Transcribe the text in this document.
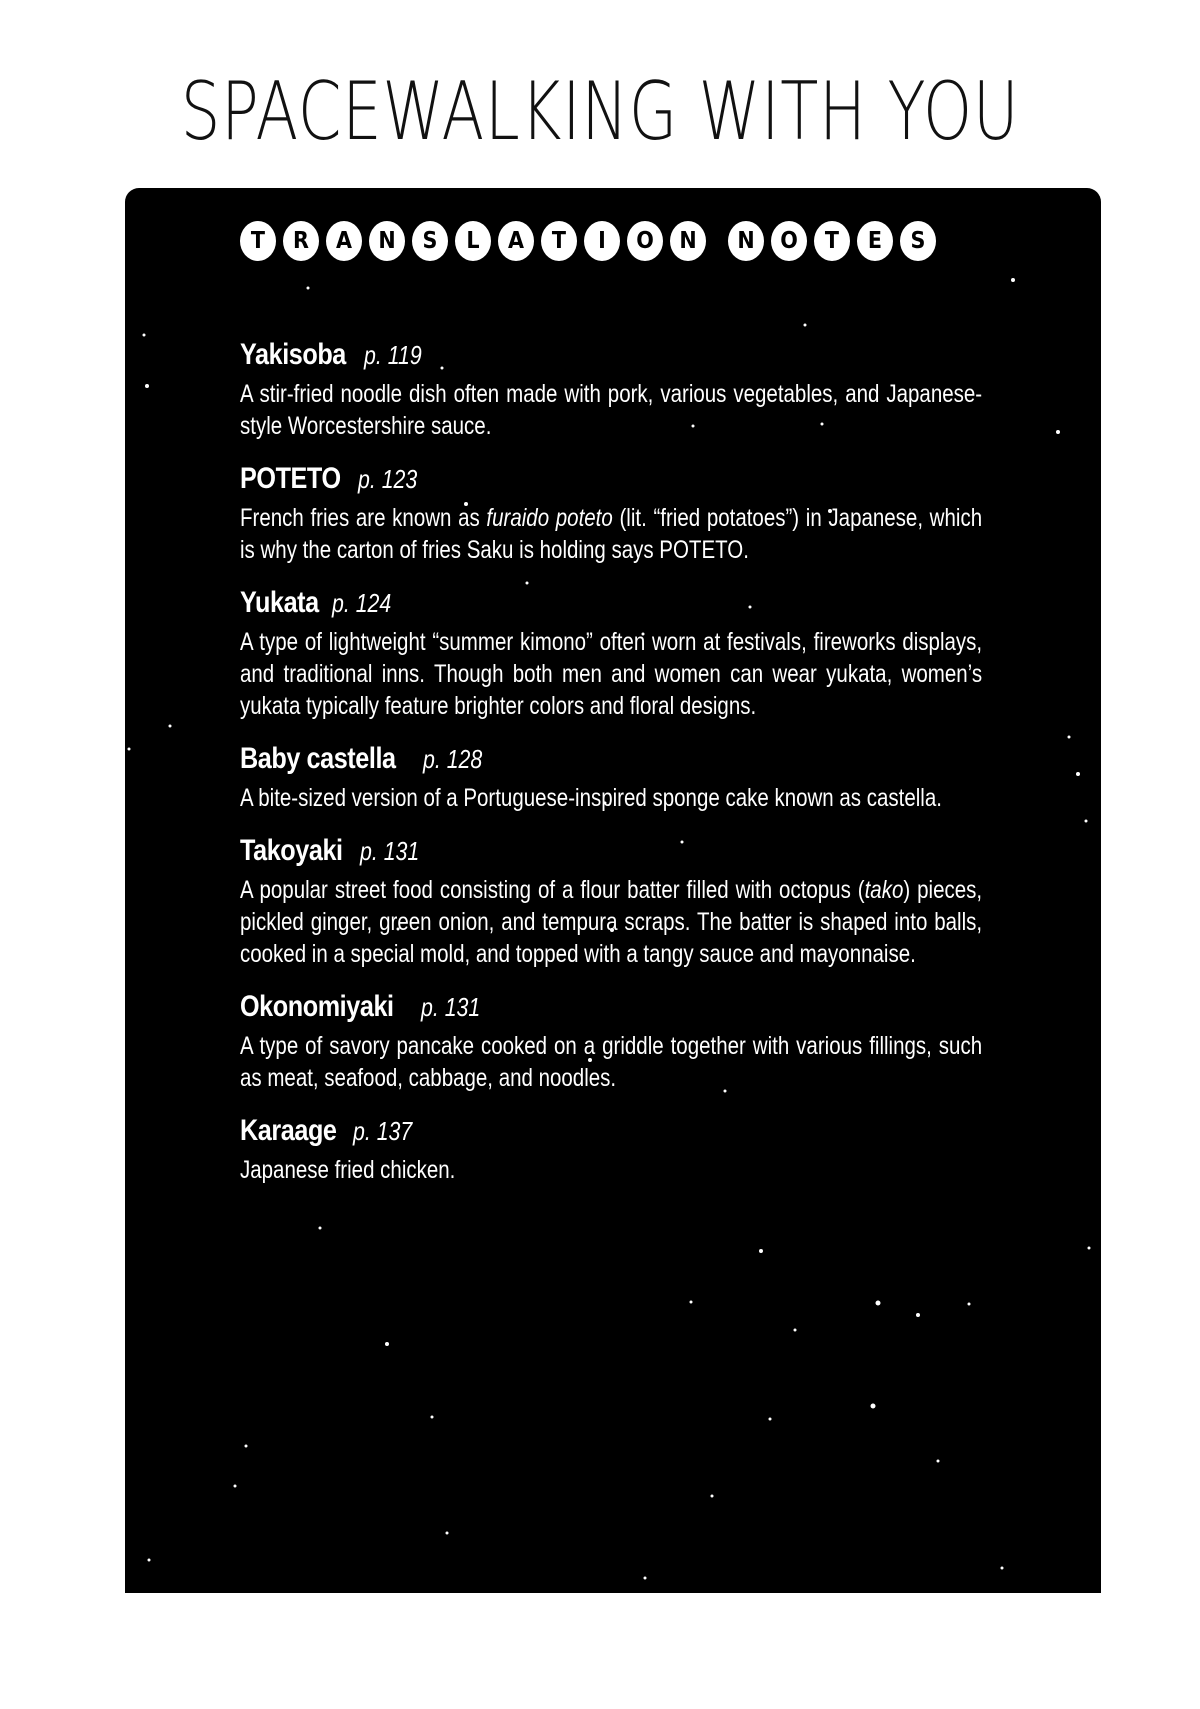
SPACEWALKING WITH YOU
T	R	A	N	S	L	A	T	I	O	N	N	O	T	E	S
Yakisoba p. 119

A stir-fried noodle dish often made with pork, various vegetables, and Japanese-style Worcestershire sauce.

POTETO p. 123

French fries are known as furaido poteto (lit. “fried potatoes”) in Japanese, which is why the carton of fries Saku is holding says POTETO.

Yukata p. 124

A type of lightweight “summer kimono” often worn at festivals, fireworks displays, and traditional inns. Though both men and women can wear yukata, women’s yukata typically feature brighter colors and floral designs.

Baby castella p. 128

A bite-sized version of a Portuguese-inspired sponge cake known as castella.

Takoyaki p. 131

A popular street food consisting of a flour batter filled with octopus (tako) pieces, pickled ginger, green onion, and tempura scraps. The batter is shaped into balls, cooked in a special mold, and topped with a tangy sauce and mayonnaise.

Okonomiyaki p. 131

A type of savory pancake cooked on a griddle together with various fillings, such as meat, seafood, cabbage, and noodles.

Karaage p. 137

Japanese fried chicken.
